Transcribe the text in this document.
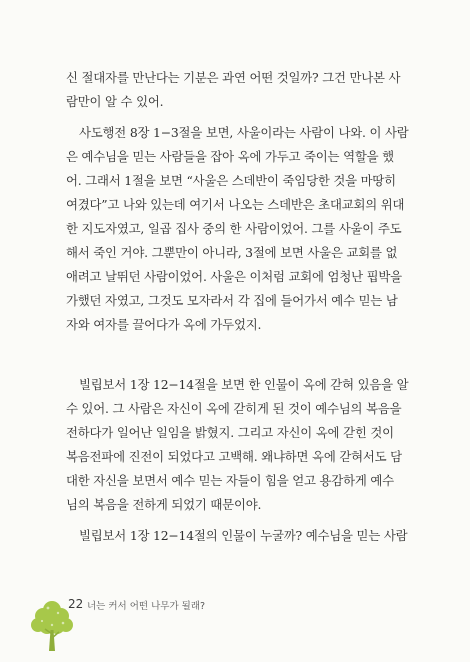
신 절대자를 만난다는 기분은 과연 어떤 것일까? 그건 만나본 사
람만이 알 수 있어.
사도행전 8장 1−3절을 보면, 사울이라는 사람이 나와. 이 사람
은 예수님을 믿는 사람들을 잡아 옥에 가두고 죽이는 역할을 했
어. 그래서 1절을 보면 “사울은 스데반이 죽임당한 것을 마땅히
여겼다”고 나와 있는데 여기서 나오는 스데반은 초대교회의 위대
한 지도자였고, 일곱 집사 중의 한 사람이었어. 그를 사울이 주도
해서 죽인 거야. 그뿐만이 아니라, 3절에 보면 사울은 교회를 없
애려고 날뛰던 사람이었어. 사울은 이처럼 교회에 엄청난 핍박을
가했던 자였고, 그것도 모자라서 각 집에 들어가서 예수 믿는 남
자와 여자를 끌어다가 옥에 가두었지.
빌립보서 1장 12−14절을 보면 한 인물이 옥에 갇혀 있음을 알
수 있어. 그 사람은 자신이 옥에 갇히게 된 것이 예수님의 복음을
전하다가 일어난 일임을 밝혔지. 그리고 자신이 옥에 갇힌 것이
복음전파에 진전이 되었다고 고백해. 왜냐하면 옥에 갇혀서도 담
대한 자신을 보면서 예수 믿는 자들이 힘을 얻고 용감하게 예수
님의 복음을 전하게 되었기 때문이야.
빌립보서 1장 12−14절의 인물이 누굴까? 예수님을 믿는 사람
22 너는 커서 어떤 나무가 될래?
